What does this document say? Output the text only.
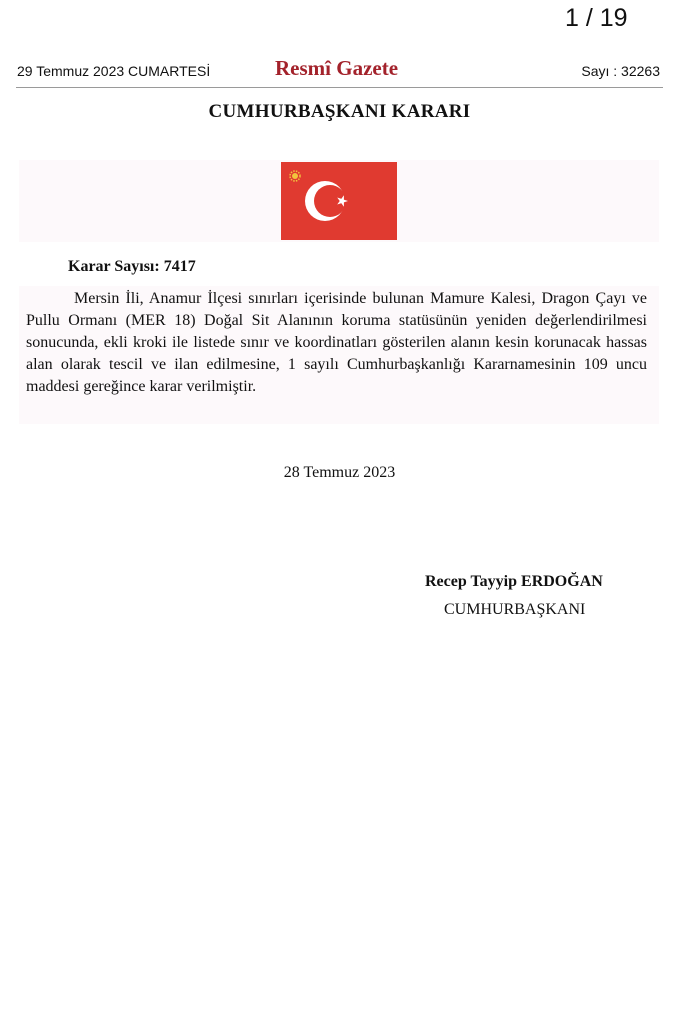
1 / 19
29 Temmuz 2023 CUMARTESİ	Resmî Gazete	Sayı : 32263
CUMHURBAŞKANI KARARI
Karar Sayısı: 7417
Mersin İli, Anamur İlçesi sınırları içerisinde bulunan Mamure Kalesi, Dragon Çayı ve Pullu Ormanı (MER 18) Doğal Sit Alanının koruma statüsünün yeniden değerlendirilmesi sonucunda, ekli kroki ile listede sınır ve koordinatları gösterilen alanın kesin korunacak hassas alan olarak tescil ve ilan edilmesine, 1 sayılı Cumhurbaşkanlığı Kararnamesinin 109 uncu maddesi gereğince karar verilmiştir.
28 Temmuz 2023
Recep Tayyip ERDOĞAN
CUMHURBAŞKANI
